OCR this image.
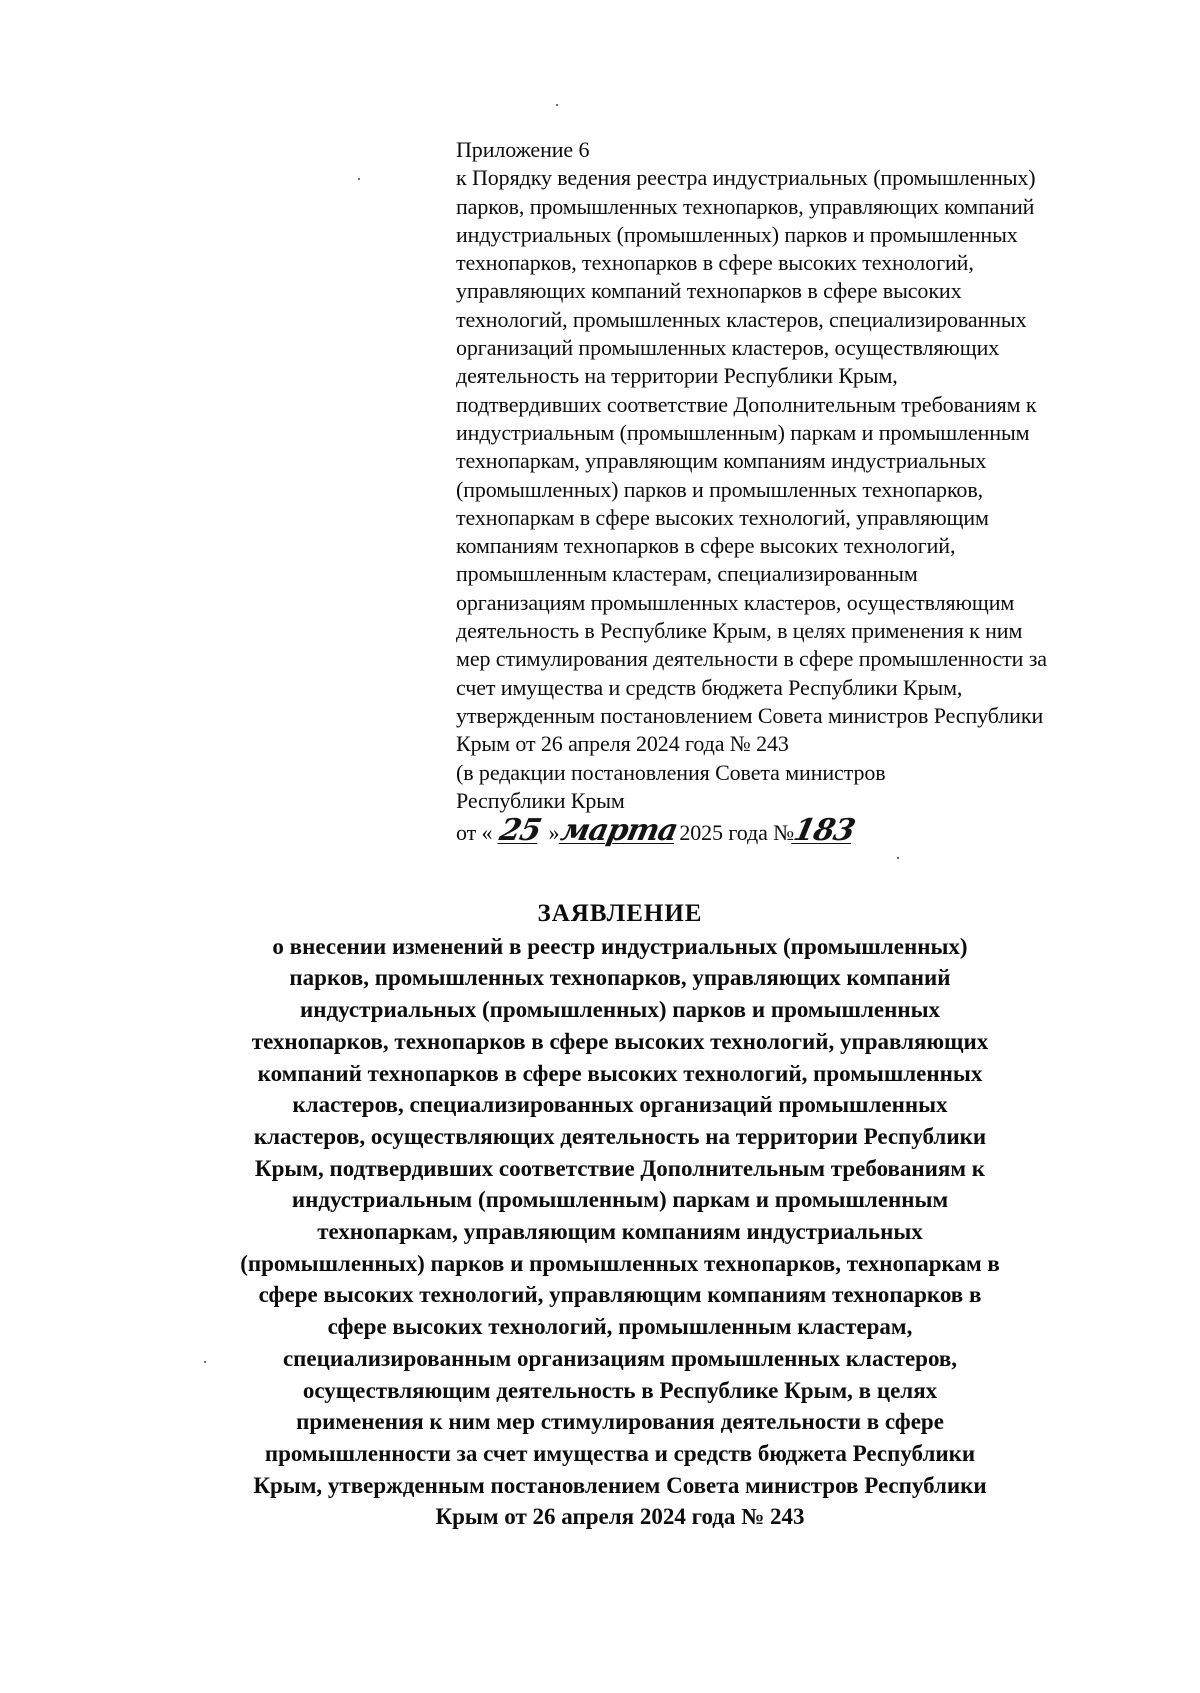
Приложение 6
к Порядку ведения реестра индустриальных (промышленных)
парков, промышленных технопарков, управляющих компаний
индустриальных (промышленных) парков и промышленных
технопарков, технопарков в сфере высоких технологий,
управляющих компаний технопарков в сфере высоких
технологий, промышленных кластеров, специализированных
организаций промышленных кластеров, осуществляющих
деятельность на территории Республики Крым,
подтвердивших соответствие Дополнительным требованиям к
индустриальным (промышленным) паркам и промышленным
технопаркам, управляющим компаниям индустриальных
(промышленных) парков и промышленных технопарков,
технопаркам в сфере высоких технологий, управляющим
компаниям технопарков в сфере высоких технологий,
промышленным кластерам, специализированным
организациям промышленных кластеров, осуществляющим
деятельность в Республике Крым, в целях применения к ним
мер стимулирования деятельности в сфере промышленности за
счет имущества и средств бюджета Республики Крым,
утвержденным постановлением Совета министров Республики
Крым от 26 апреля 2024 года № 243
(в редакции постановления Совета министров
Республики Крым
от « 25 »марта2025 года №183
ЗАЯВЛЕНИЕ
о внесении изменений в реестр индустриальных (промышленных)
парков, промышленных технопарков, управляющих компаний
индустриальных (промышленных) парков и промышленных
технопарков, технопарков в сфере высоких технологий, управляющих
компаний технопарков в сфере высоких технологий, промышленных
кластеров, специализированных организаций промышленных
кластеров, осуществляющих деятельность на территории Республики
Крым, подтвердивших соответствие Дополнительным требованиям к
индустриальным (промышленным) паркам и промышленным
технопаркам, управляющим компаниям индустриальных
(промышленных) парков и промышленных технопарков, технопаркам в
сфере высоких технологий, управляющим компаниям технопарков в
сфере высоких технологий, промышленным кластерам,
специализированным организациям промышленных кластеров,
осуществляющим деятельность в Республике Крым, в целях
применения к ним мер стимулирования деятельности в сфере
промышленности за счет имущества и средств бюджета Республики
Крым, утвержденным постановлением Совета министров Республики
Крым от 26 апреля 2024 года № 243
